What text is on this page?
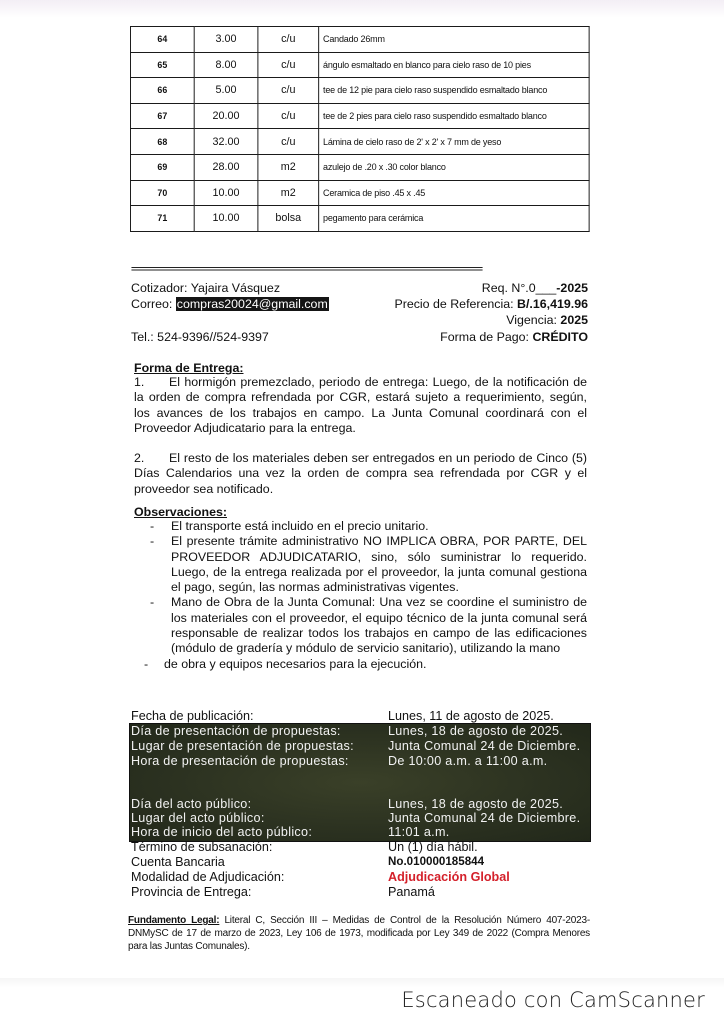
64	3.00	c/u	Candado 26mm
65	8.00	c/u	ángulo esmaltado en blanco para cielo raso de 10 pies
66	5.00	c/u	tee de 12 pie para cielo raso suspendido esmaltado blanco
67	20.00	c/u	tee de 2 pies para cielo raso suspendido esmaltado blanco
68	32.00	c/u	Lámina de cielo raso de 2' x 2' x 7 mm de yeso
69	28.00	m2	azulejo de .20 x .30 color blanco
70	10.00	m2	Ceramica de piso .45 x .45
71	10.00	bolsa	pegamento para cerámica
====================================================================================================
Cotizador: Yajaira Vásquez
Correo: compras20024@gmail.com
Tel.: 524-9396//524-9397
Req. N°.0___-2025
Precio de Referencia: B/.16,419.96
Vigencia: 2025
Forma de Pago: CRÉDITO
Forma de Entrega:
1. El hormigón premezclado, periodo de entrega: Luego, de la notificación de la orden de compra refrendada por CGR, estará sujeto a requerimiento, según, los avances de los trabajos en campo. La Junta Comunal coordinará con el Proveedor Adjudicatario para la entrega.
2. El resto de los materiales deben ser entregados en un periodo de Cinco (5) Días Calendarios una vez la orden de compra sea refrendada por CGR y el proveedor sea notificado.
Observaciones:
- El transporte está incluido en el precio unitario.
- El presente trámite administrativo NO IMPLICA OBRA, POR PARTE, DEL PROVEEDOR ADJUDICATARIO, sino, sólo suministrar lo requerido. Luego, de la entrega realizada por el proveedor, la junta comunal gestiona el pago, según, las normas administrativas vigentes.
- Mano de Obra de la Junta Comunal: Una vez se coordine el suministro de los materiales con el proveedor, el equipo técnico de la junta comunal será responsable de realizar todos los trabajos en campo de las edificaciones (módulo de gradería y módulo de servicio sanitario), utilizando la mano
- de obra y equipos necesarios para la ejecución.
Fecha de publicación:	Lunes, 11 de agosto de 2025.
Día de presentación de propuestas:	Lunes, 18 de agosto de 2025.
Lugar de presentación de propuestas:	Junta Comunal 24 de Diciembre.
Hora de presentación de propuestas:	De 10:00 a.m. a 11:00 a.m.
Día del acto público:	Lunes, 18 de agosto de 2025.
Lugar del acto público:	Junta Comunal 24 de Diciembre.
Hora de inicio del acto público:	11:01 a.m.
Término de subsanación:	Un (1) día hábil.
Cuenta Bancaria	No.010000185844
Modalidad de Adjudicación:	Adjudicación Global
Provincia de Entrega:	Panamá
Fundamento Legal: Literal C, Sección III – Medidas de Control de la Resolución Número 407-2023-DNMySC de 17 de marzo de 2023, Ley 106 de 1973, modificada por Ley 349 de 2022 (Compra Menores para las Juntas Comunales).
Escaneado con CamScanner
